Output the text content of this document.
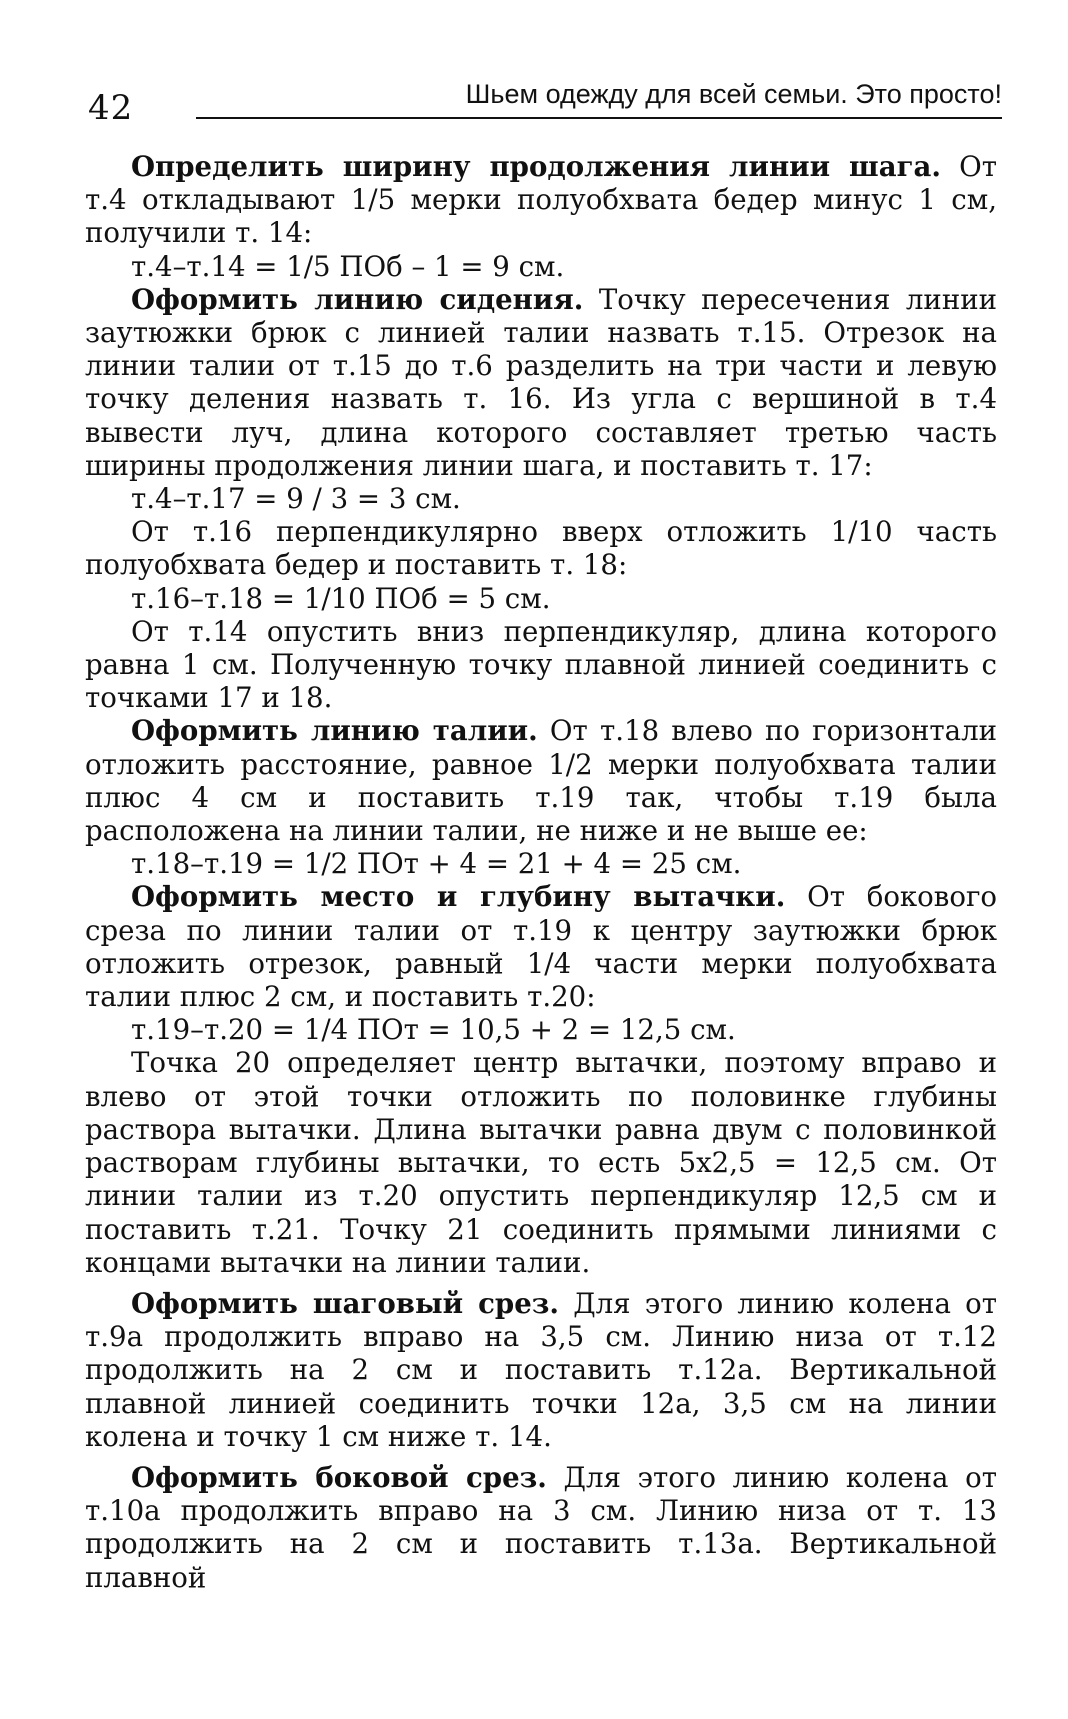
42	Шьем одежду для всей семьи. Это просто!

Определить ширину продолжения линии шага. От т.4 откладывают 1/5 мерки полуобхвата бедер минус 1 см, получили т. 14:

т.4–т.14 = 1/5 ПОб – 1 = 9 см.

Оформить линию сидения. Точку пересечения линии заутюжки брюк с линией талии назвать т.15. Отрезок на линии талии от т.15 до т.6 разделить на три части и левую точку деления назвать т. 16. Из угла с вершиной в т.4 вывести луч, длина которого составляет третью часть ширины продолжения линии шага, и поставить т. 17:

т.4–т.17 = 9 / 3 = 3 см.

От т.16 перпендикулярно вверх отложить 1/10 часть полуобхвата бедер и поставить т. 18:

т.16–т.18 = 1/10 ПОб = 5 см.

От т.14 опустить вниз перпендикуляр, длина которого равна 1 см. Полученную точку плавной линией соединить с точками 17 и 18.

Оформить линию талии. От т.18 влево по горизонтали отложить расстояние, равное 1/2 мерки полуобхвата талии плюс 4 см и поставить т.19 так, чтобы т.19 была расположена на линии талии, не ниже и не выше ее:

т.18–т.19 = 1/2 ПОт + 4 = 21 + 4 = 25 см.

Оформить место и глубину вытачки. От бокового среза по линии талии от т.19 к центру заутюжки брюк отложить отрезок, равный 1/4 части мерки полуобхвата талии плюс 2 см, и поставить т.20:

т.19–т.20 = 1/4 ПОт = 10,5 + 2 = 12,5 см.

Точка 20 определяет центр вытачки, поэтому вправо и влево от этой точки отложить по половинке глубины раствора вытачки. Длина вытачки равна двум с половинкой растворам глубины вытачки, то есть 5х2,5 = 12,5 см. От линии талии из т.20 опустить перпендикуляр 12,5 см и поставить т.21. Точку 21 соединить прямыми линиями с концами вытачки на линии талии.

Оформить шаговый срез. Для этого линию колена от т.9а продолжить вправо на 3,5 см. Линию низа от т.12 продолжить на 2 см и поставить т.12а. Вертикальной плавной линией соединить точки 12а, 3,5 см на линии колена и точку 1 см ниже т. 14.

Оформить боковой срез. Для этого линию колена от т.10а продолжить вправо на 3 см. Линию низа от т. 13 продолжить на 2 см и поставить т.13а. Вертикальной плавной
